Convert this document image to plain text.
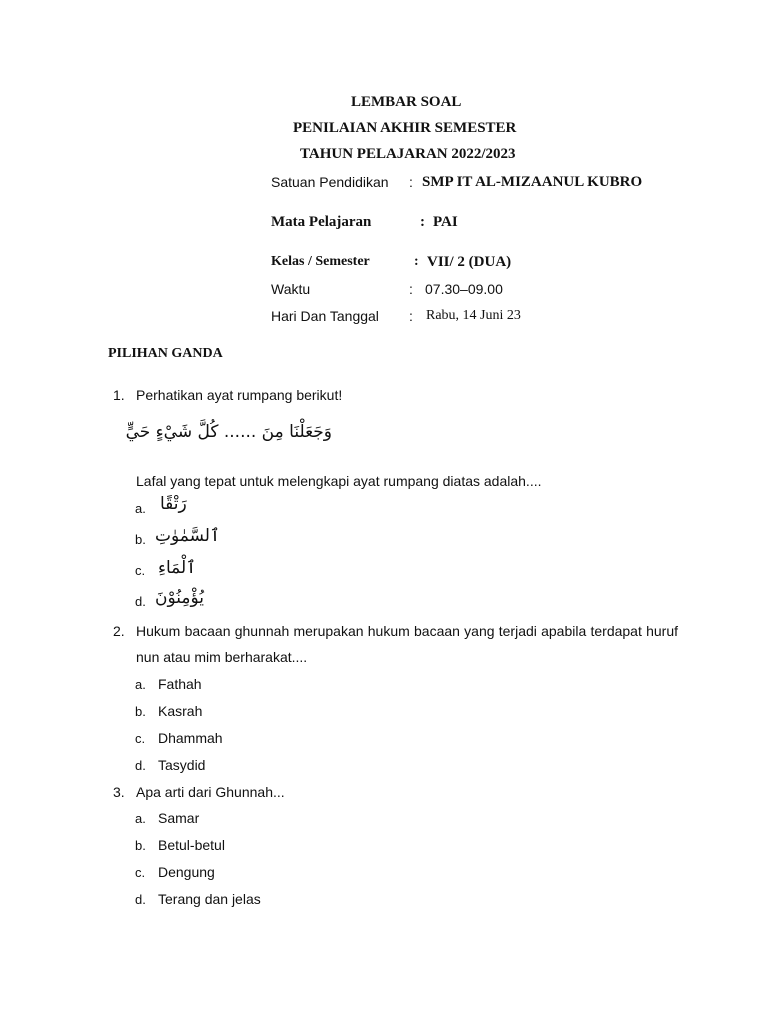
LEMBAR SOAL
PENILAIAN AKHIR SEMESTER
TAHUN PELAJARAN 2022/2023
Satuan Pendidikan : SMP IT AL-MIZAANUL KUBRO
Mata Pelajaran	: PAI
Kelas / Semester	: VII/ 2 (DUA)
Waktu	: 07.30–09.00
Hari Dan Tanggal : Rabu, 14 Juni 23
PILIHAN GANDA
1. Perhatikan ayat rumpang berikut!
وَجَعَلْنَا مِنَ ...... كُلَّ شَيْءٍ حَيٍّ
Lafal yang tepat untuk melengkapi ayat rumpang diatas adalah....
a. رَتْقًا
b. ٱلسَّمٰوٰتِ
c. ٱلْمَاءِ
d. يُؤْمِنُوْنَ
2. Hukum bacaan ghunnah merupakan hukum bacaan yang terjadi apabila terdapat huruf
nun atau mim berharakat....
a. Fathah
b. Kasrah
c. Dhammah
d. Tasydid
3. Apa arti dari Ghunnah...
a. Samar
b. Betul-betul
c. Dengung
d. Terang dan jelas
